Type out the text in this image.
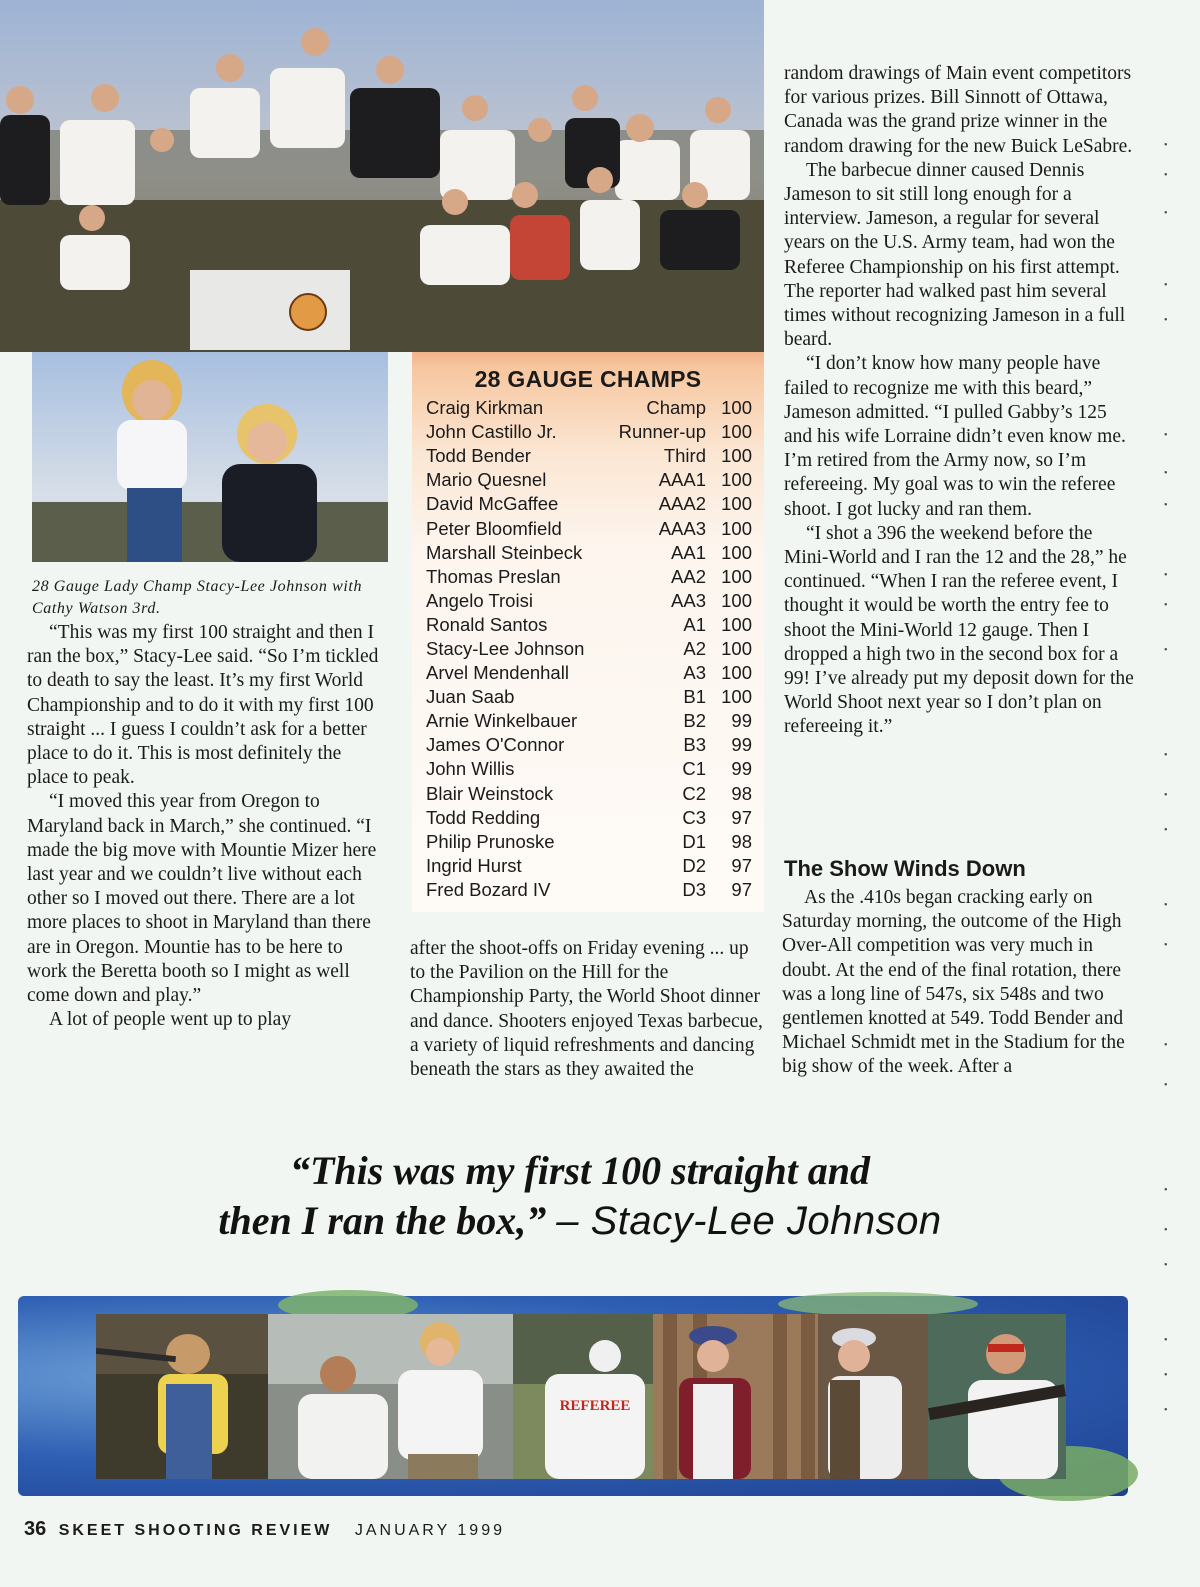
28 Gauge Lady Champ Stacy-Lee Johnson with Cathy Watson 3rd.

“This was my first 100 straight and then I ran the box,” Stacy-Lee said. “So I’m tickled to death to say the least. It’s my first World Championship and to do it with my first 100 straight ... I guess I couldn’t ask for a better place to do it. This is most definitely the place to peak.

“I moved this year from Oregon to Maryland back in March,” she continued. “I made the big move with Mountie Mizer here last year and we couldn’t live without each other so I moved out there. There are a lot more places to shoot in Maryland than there are in Oregon. Mountie has to be here to work the Beretta booth so I might as well come down and play.”

A lot of people went up to play

28 GAUGE CHAMPS
Craig Kirkman	Champ 100
John Castillo Jr.	Runner-up 100
Todd Bender	Third 100
Mario Quesnel	AAA1 100
David McGaffee	AAA2 100
Peter Bloomfield	AAA3 100
Marshall Steinbeck	AA1 100
Thomas Preslan	AA2 100
Angelo Troisi	AA3 100
Ronald Santos	A1 100
Stacy-Lee Johnson	A2 100
Arvel Mendenhall	A3 100
Juan Saab	B1 100
Arnie Winkelbauer	B2	99
James O'Connor	B3	99
John Willis	C1	99
Blair Weinstock	C2	98
Todd Redding	C3	97
Philip Prunoske	D1	98
Ingrid Hurst	D2	97
Fred Bozard IV	D3	97

after the shoot-offs on Friday evening ... up to the Pavilion on the Hill for the Championship Party, the World Shoot dinner and dance. Shooters enjoyed Texas barbecue, a variety of liquid refreshments and dancing beneath the stars as they awaited the

random drawings of Main event competitors for various prizes. Bill Sinnott of Ottawa, Canada was the grand prize winner in the random drawing for the new Buick LeSabre.

The barbecue dinner caused Dennis Jameson to sit still long enough for a interview. Jameson, a regular for several years on the U.S. Army team, had won the Referee Championship on his first attempt. The reporter had walked past him several times without recognizing Jameson in a full beard.

“I don’t know how many people have failed to recognize me with this beard,” Jameson admitted. “I pulled Gabby’s 125 and his wife Lorraine didn’t even know me. I’m retired from the Army now, so I’m refereeing. My goal was to win the referee shoot. I got lucky and ran them.

“I shot a 396 the weekend before the Mini-World and I ran the 12 and the 28,” he continued. “When I ran the referee event, I thought it would be worth the entry fee to shoot the Mini-World 12 gauge. Then I dropped a high two in the second box for a 99! I’ve already put my deposit down for the World Shoot next year so I don’t plan on refereeing it.”

The Show Winds Down

As the .410s began cracking early on Saturday morning, the outcome of the High Over-All competition was very much in doubt. At the end of the final rotation, there was a long line of 547s, six 548s and two gentlemen knotted at 549. Todd Bender and Michael Schmidt met in the Stadium for the big show of the week. After a

“This was my first 100 straight and
then I ran the box,” – Stacy-Lee Johnson
REFEREE
36 SKEET SHOOTING REVIEW JANUARY 1999
•
•
•
•
•
•
•
•
•
•
•
•
•
•
•
•
•
•
•
•
•
•
•
•
